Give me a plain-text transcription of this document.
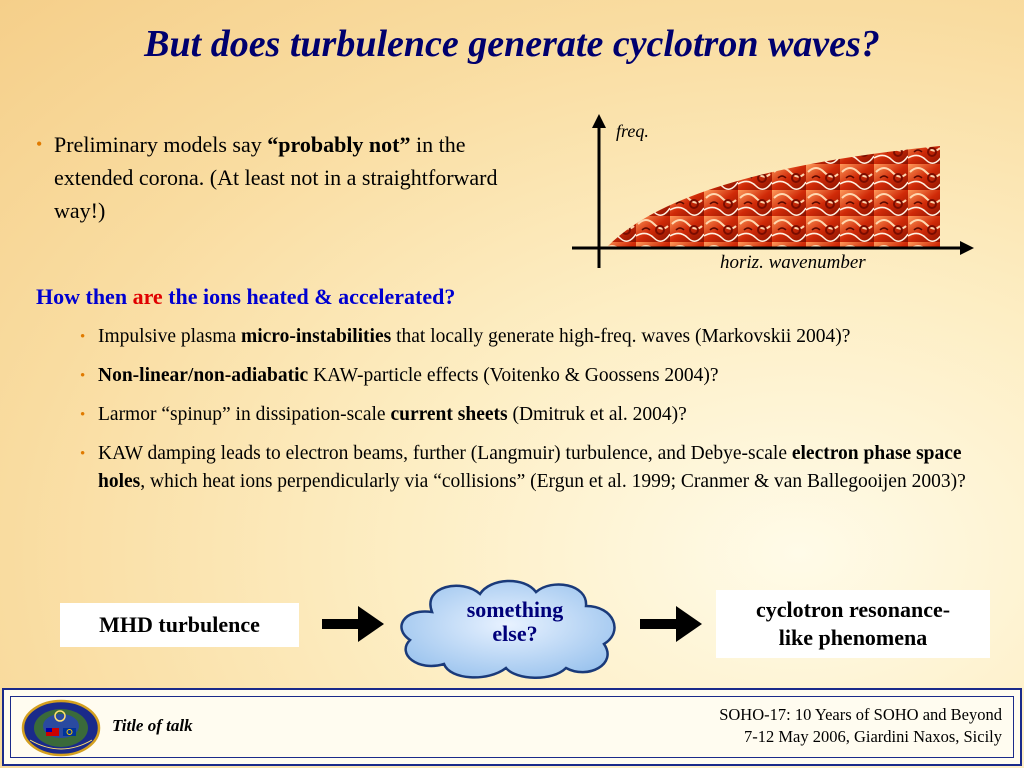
But does turbulence generate cyclotron waves?
• Preliminary models say “probably not” in the extended corona. (At least not in a straightforward way!)
freq.
horiz. wavenumber
How then are the ions heated & accelerated?
• Impulsive plasma micro-instabilities that locally generate high-freq. waves (Markovskii 2004)?
• Non-linear/non-adiabatic KAW-particle effects (Voitenko & Goossens 2004)?
• Larmor “spinup” in dissipation-scale current sheets (Dmitruk et al. 2004)?
• KAW damping leads to electron beams, further (Langmuir) turbulence, and Debye-scale electron phase space holes, which heat ions perpendicularly via “collisions” (Ergun et al. 1999; Cranmer & van Ballegooijen 2003)?
MHD turbulence
something
else?
cyclotron resonance-
like phenomena
Title of talk
SOHO-17: 10 Years of SOHO and Beyond
7-12 May 2006, Giardini Naxos, Sicily
